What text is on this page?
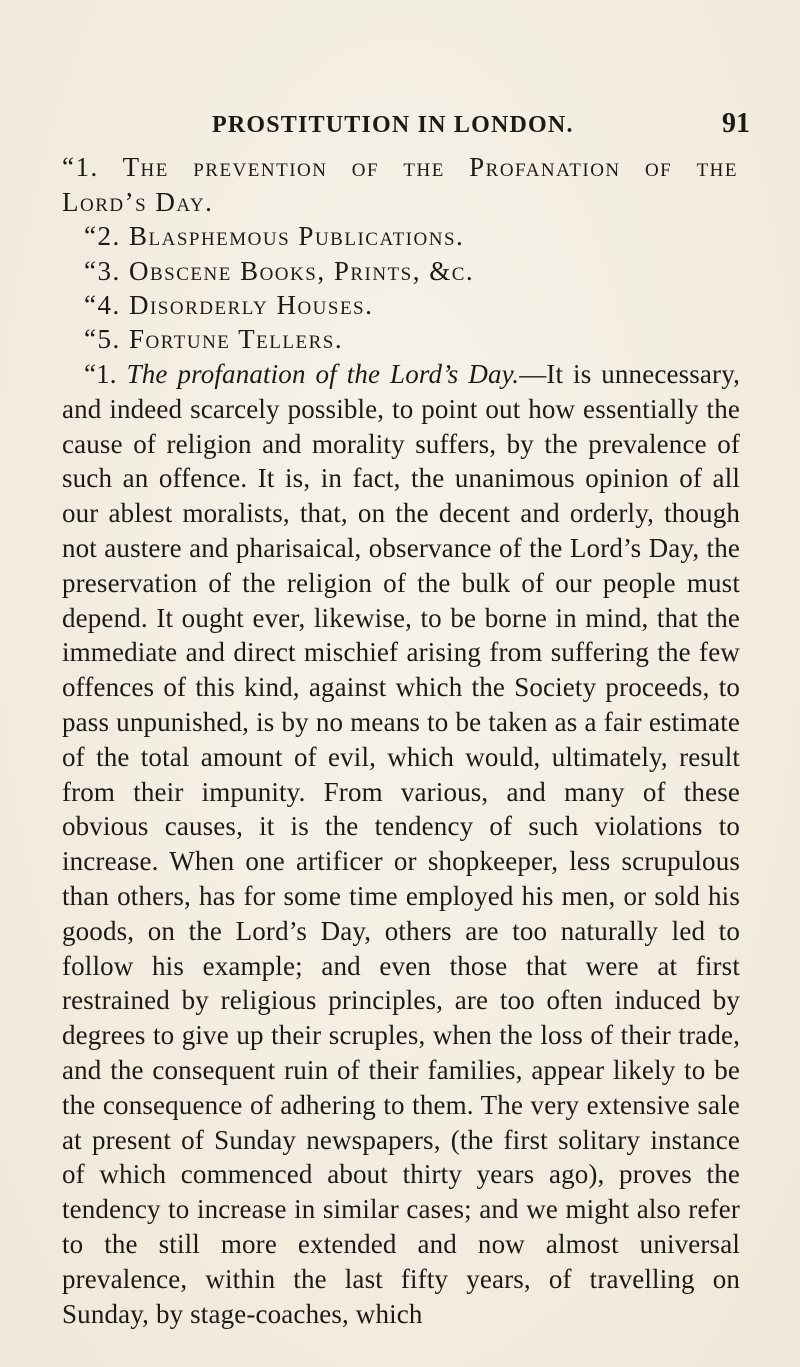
PROSTITUTION IN LONDON.	91
“1. The prevention of the Profanation of the
Lord’s Day.
“2. Blasphemous Publications.
“3. Obscene Books, Prints, &c.
“4. Disorderly Houses.
“5. Fortune Tellers.

“1. The profanation of the Lord’s Day.—It is unnecessary, and indeed scarcely possible, to point out how essentially the cause of religion and morality suffers, by the prevalence of such an offence. It is, in fact, the unanimous opinion of all our ablest moralists, that, on the decent and orderly, though not austere and pharisaical, observance of the Lord’s Day, the preservation of the religion of the bulk of our people must depend. It ought ever, likewise, to be borne in mind, that the immediate and direct mischief arising from suffering the few offences of this kind, against which the Society proceeds, to pass unpunished, is by no means to be taken as a fair estimate of the total amount of evil, which would, ultimately, result from their impunity. From various, and many of these obvious causes, it is the tendency of such violations to increase. When one artificer or shopkeeper, less scrupulous than others, has for some time employed his men, or sold his goods, on the Lord’s Day, others are too naturally led to follow his example; and even those that were at first restrained by religious principles, are too often induced by degrees to give up their scruples, when the loss of their trade, and the consequent ruin of their families, appear likely to be the consequence of adhering to them. The very extensive sale at present of Sunday newspapers, (the first solitary instance of which commenced about thirty years ago), proves the tendency to increase in similar cases; and we might also refer to the still more extended and now almost universal prevalence, within the last fifty years, of travelling on Sunday, by stage-coaches, which
